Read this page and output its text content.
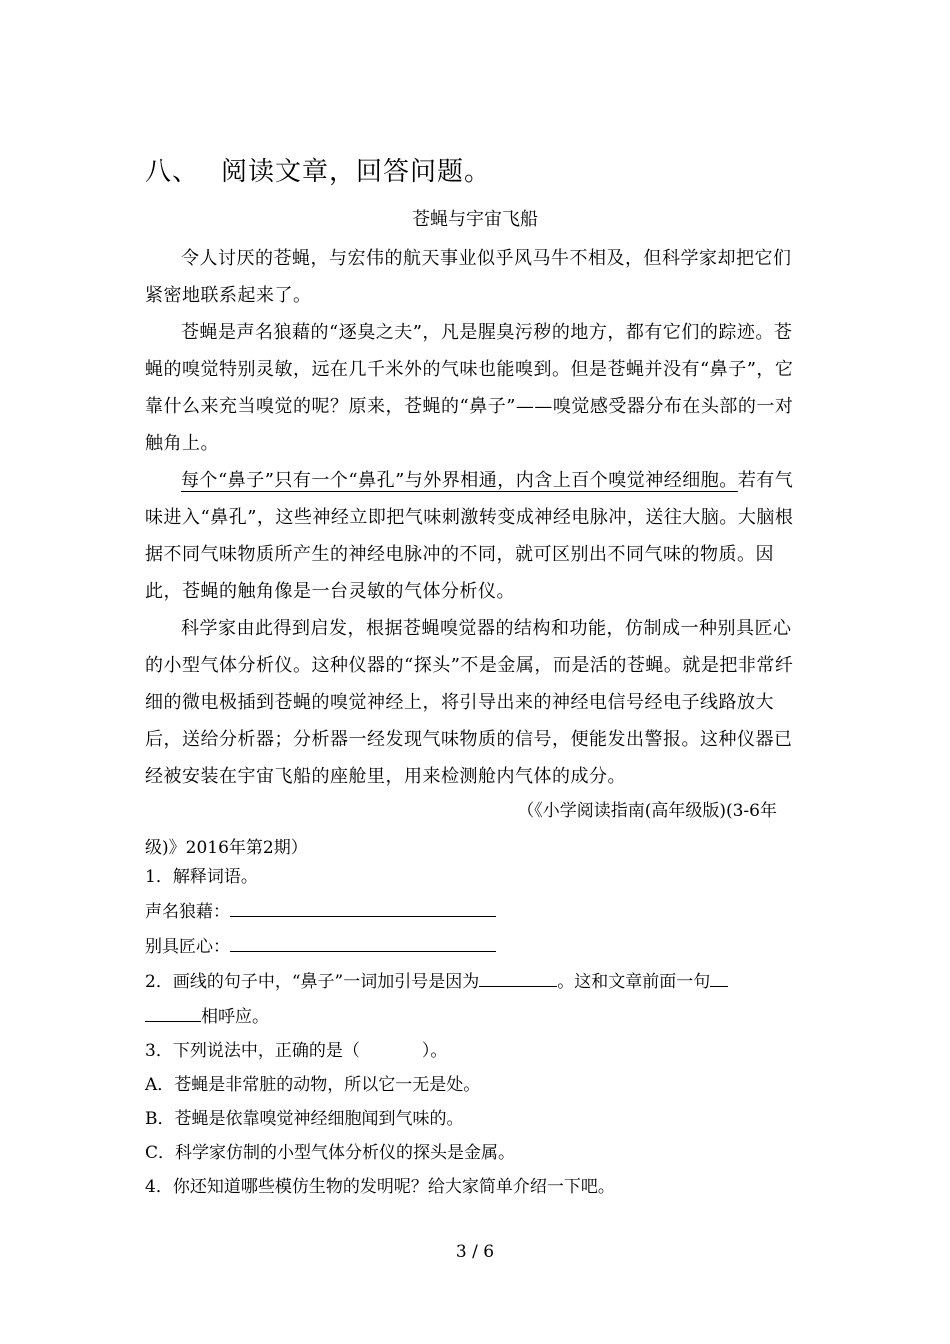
八、 阅读文章，回答问题。
苍蝇与宇宙飞船

令人讨厌的苍蝇，与宏伟的航天事业似乎风马牛不相及，但科学家却把它们紧密地联系起来了。

苍蝇是声名狼藉的“逐臭之夫”，凡是腥臭污秽的地方，都有它们的踪迹。苍蝇的嗅觉特别灵敏，远在几千米外的气味也能嗅到。但是苍蝇并没有“鼻子”，它靠什么来充当嗅觉的呢？原来，苍蝇的“鼻子”——嗅觉感受器分布在头部的一对触角上。

每个“鼻子”只有一个“鼻孔”与外界相通，内含上百个嗅觉神经细胞。若有气味进入“鼻孔”，这些神经立即把气味刺激转变成神经电脉冲，送往大脑。大脑根据不同气味物质所产生的神经电脉冲的不同，就可区别出不同气味的物质。因此，苍蝇的触角像是一台灵敏的气体分析仪。

科学家由此得到启发，根据苍蝇嗅觉器的结构和功能，仿制成一种别具匠心的小型气体分析仪。这种仪器的“探头”不是金属，而是活的苍蝇。就是把非常纤细的微电极插到苍蝇的嗅觉神经上，将引导出来的神经电信号经电子线路放大后，送给分析器；分析器一经发现气味物质的信号，便能发出警报。这种仪器已经被安装在宇宙飞船的座舱里，用来检测舱内气体的成分。

（《小学阅读指南(高年级版)(3-6年
级)》2016年第2期）
1．解释词语。
声名狼藉：
别具匠心：
2．画线的句子中，“鼻子”一词加引号是因为	。这和文章前面一句
相呼应。
3．下列说法中，正确的是（	）。
A．苍蝇是非常脏的动物，所以它一无是处。
B．苍蝇是依靠嗅觉神经细胞闻到气味的。
C．科学家仿制的小型气体分析仪的探头是金属。
4．你还知道哪些模仿生物的发明呢？给大家简单介绍一下吧。
3 / 6
